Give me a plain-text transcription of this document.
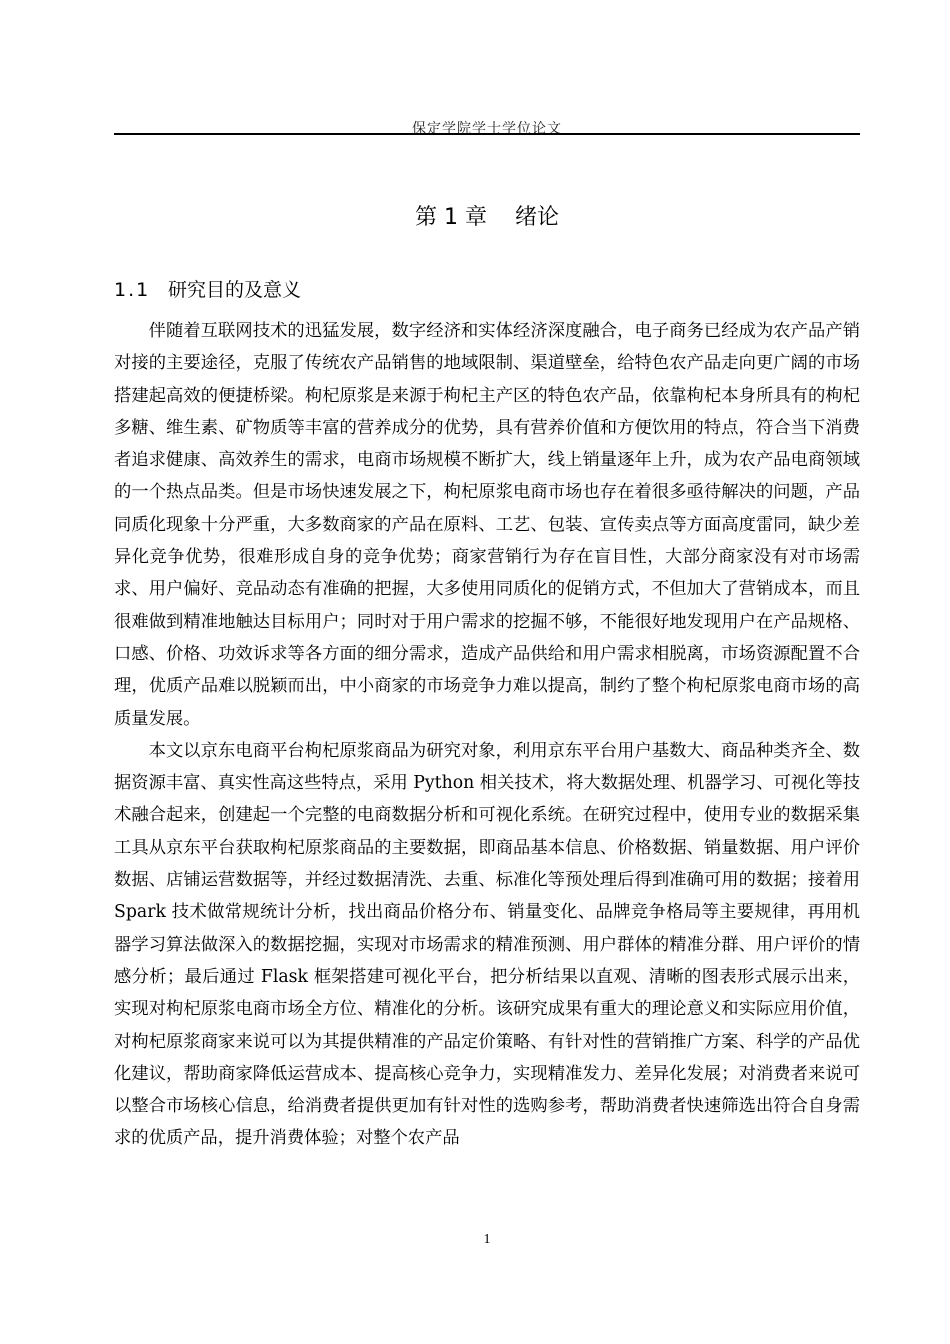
保定学院学士学位论文
第 1 章 绪论
1.1 研究目的及意义

伴随着互联网技术的迅猛发展，数字经济和实体经济深度融合，电子商务已经成为农产品产销对接的主要途径，克服了传统农产品销售的地域限制、渠道壁垒，给特色农产品走向更广阔的市场搭建起高效的便捷桥梁。枸杞原浆是来源于枸杞主产区的特色农产品，依靠枸杞本身所具有的枸杞多糖、维生素、矿物质等丰富的营养成分的优势，具有营养价值和方便饮用的特点，符合当下消费者追求健康、高效养生的需求，电商市场规模不断扩大，线上销量逐年上升，成为农产品电商领域的一个热点品类。但是市场快速发展之下，枸杞原浆电商市场也存在着很多亟待解决的问题，产品同质化现象十分严重，大多数商家的产品在原料、工艺、包装、宣传卖点等方面高度雷同，缺少差异化竞争优势，很难形成自身的竞争优势；商家营销行为存在盲目性，大部分商家没有对市场需求、用户偏好、竞品动态有准确的把握，大多使用同质化的促销方式，不但加大了营销成本，而且很难做到精准地触达目标用户；同时对于用户需求的挖掘不够，不能很好地发现用户在产品规格、口感、价格、功效诉求等各方面的细分需求，造成产品供给和用户需求相脱离，市场资源配置不合理，优质产品难以脱颖而出，中小商家的市场竞争力难以提高，制约了整个枸杞原浆电商市场的高质量发展。

本文以京东电商平台枸杞原浆商品为研究对象，利用京东平台用户基数大、商品种类齐全、数据资源丰富、真实性高这些特点，采用 Python 相关技术，将大数据处理、机器学习、可视化等技术融合起来，创建起一个完整的电商数据分析和可视化系统。在研究过程中，使用专业的数据采集工具从京东平台获取枸杞原浆商品的主要数据，即商品基本信息、价格数据、销量数据、用户评价数据、店铺运营数据等，并经过数据清洗、去重、标准化等预处理后得到准确可用的数据；接着用 Spark 技术做常规统计分析，找出商品价格分布、销量变化、品牌竞争格局等主要规律，再用机器学习算法做深入的数据挖掘，实现对市场需求的精准预测、用户群体的精准分群、用户评价的情感分析；最后通过 Flask 框架搭建可视化平台，把分析结果以直观、清晰的图表形式展示出来，实现对枸杞原浆电商市场全方位、精准化的分析。该研究成果有重大的理论意义和实际应用价值，对枸杞原浆商家来说可以为其提供精准的产品定价策略、有针对性的营销推广方案、科学的产品优化建议，帮助商家降低运营成本、提高核心竞争力，实现精准发力、差异化发展；对消费者来说可以整合市场核心信息，给消费者提供更加有针对性的选购参考，帮助消费者快速筛选出符合自身需求的优质产品，提升消费体验；对整个农产品

1
